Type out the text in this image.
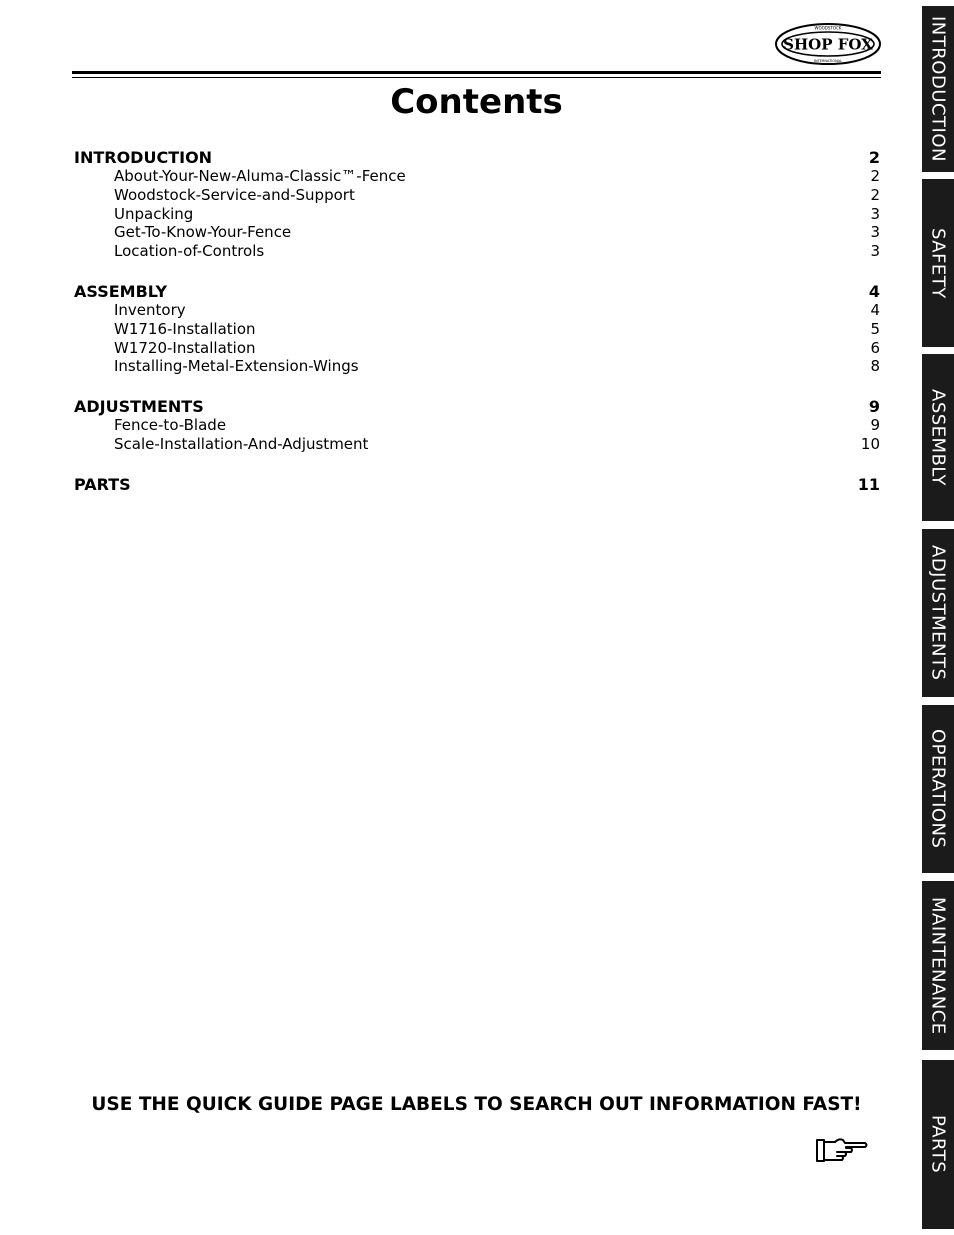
SHOP FOX
WOODSTOCK
INTERNATIONAL
Contents
INTRODUCTION	2
About-Your-New-Aluma-Classic™-Fence	2
Woodstock-Service-and-Support	2
Unpacking	3
Get-To-Know-Your-Fence	3
Location-of-Controls	3
ASSEMBLY	4
Inventory	4
W1716-Installation	5
W1720-Installation	6
Installing-Metal-Extension-Wings	8
ADJUSTMENTS	9
Fence-to-Blade	9
Scale-Installation-And-Adjustment	10
PARTS	11
INTRODUCTION
SAFETY
ASSEMBLY
ADJUSTMENTS
OPERATIONS
MAINTENANCE
PARTS
USE THE QUICK GUIDE PAGE LABELS TO SEARCH OUT INFORMATION FAST!
